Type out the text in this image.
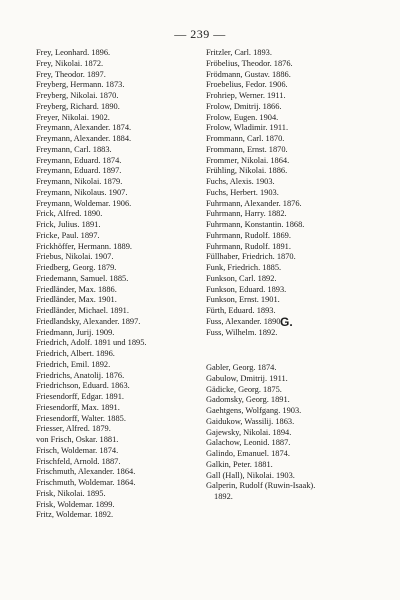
— 239 —
Frey, Leonhard. 1896.
Frey, Nikolai. 1872.
Frey, Theodor. 1897.
Freyberg, Hermann. 1873.
Freyberg, Nikolai. 1870.
Freyberg, Richard. 1890.
Freyer, Nikolai. 1902.
Freymann, Alexander. 1874.
Freymann, Alexander. 1884.
Freymann, Carl. 1883.
Freymann, Eduard. 1874.
Freymann, Eduard. 1897.
Freymann, Nikolai. 1879.
Freymann, Nikolaus. 1907.
Freymann, Woldemar. 1906.
Frick, Alfred. 1890.
Frick, Julius. 1891.
Fricke, Paul. 1897.
Frickhöffer, Hermann. 1889.
Friebus, Nikolai. 1907.
Friedberg, Georg. 1879.
Friedemann, Samuel. 1885.
Friedländer, Max. 1886.
Friedländer, Max. 1901.
Friedländer, Michael. 1891.
Friedlandsky, Alexander. 1897.
Friedmann, Jurij. 1909.
Friedrich, Adolf. 1891 und 1895.
Friedrich, Albert. 1896.
Friedrich, Emil. 1892.
Friedrichs, Anatolij. 1876.
Friedrichson, Eduard. 1863.
Friesendorff, Edgar. 1891.
Friesendorff, Max. 1891.
Friesendorff, Walter. 1885.
Friesser, Alfred. 1879.
von Frisch, Oskar. 1881.
Frisch, Woldemar. 1874.
Frischfeld, Arnold. 1887.
Frischmuth, Alexander. 1864.
Frischmuth, Woldemar. 1864.
Frisk, Nikolai. 1895.
Frisk, Woldemar. 1899.
Fritz, Woldemar. 1892.
Fritzler, Carl. 1893.
Fröbelius, Theodor. 1876.
Frödmann, Gustav. 1886.
Froebelius, Fedor. 1906.
Frohriep, Werner. 1911.
Frolow, Dmitrij. 1866.
Frolow, Eugen. 1904.
Frolow, Wladimir. 1911.
Frommann, Carl. 1870.
Frommann, Ernst. 1870.
Frommer, Nikolai. 1864.
Frühling, Nikolai. 1886.
Fuchs, Alexis. 1903.
Fuchs, Herbert. 1903.
Fuhrmann, Alexander. 1876.
Fuhrmann, Harry. 1882.
Fuhrmann, Konstantin. 1868.
Fuhrmann, Rudolf. 1869.
Fuhrmann, Rudolf. 1891.
Füllhaber, Friedrich. 1870.
Funk, Friedrich. 1885.
Funkson, Carl. 1892.
Funkson, Eduard. 1893.
Funkson, Ernst. 1901.
Fürth, Eduard. 1893.
Fuss, Alexander. 1890.
Fuss, Wilhelm. 1892.
G.
Gabler, Georg. 1874.
Gabulow, Dmitrij. 1911.
Gädicke, Georg. 1875.
Gadomsky, Georg. 1891.
Gaehtgens, Wolfgang. 1903.
Gaidukow, Wassilij. 1863.
Gajewsky, Nikolai. 1894.
Galachow, Leonid. 1887.
Galindo, Emanuel. 1874.
Galkin, Peter. 1881.
Gall (Hall), Nikolai. 1903.
Galperin, Rudolf (Ruwin-Isaak).
1892.
